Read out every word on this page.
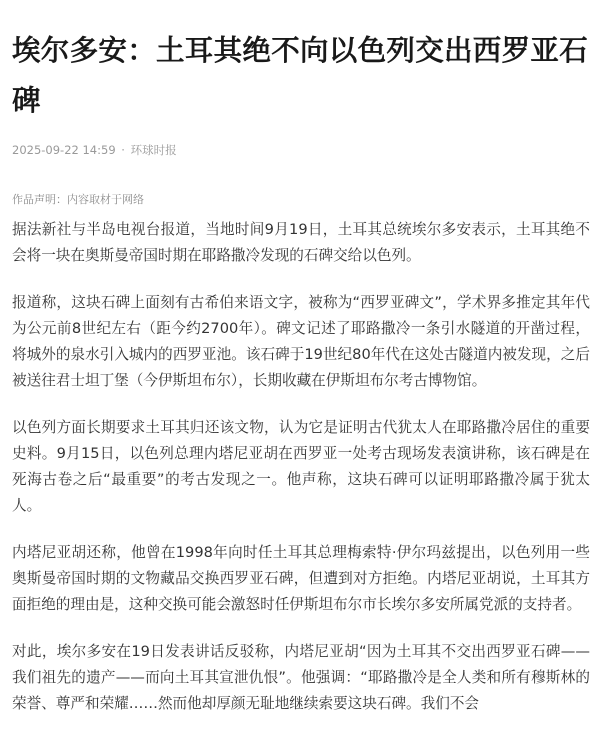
埃尔多安：土耳其绝不向以色列交出西罗亚石碑
2025-09-22 14:59 · 环球时报
作品声明：内容取材于网络

据法新社与半岛电视台报道，当地时间9月19日，土耳其总统埃尔多安表示，土耳其绝不会将一块在奥斯曼帝国时期在耶路撒冷发现的石碑交给以色列。

报道称，这块石碑上面刻有古希伯来语文字，被称为“西罗亚碑文”，学术界多推定其年代为公元前8世纪左右（距今约2700年）。碑文记述了耶路撒冷一条引水隧道的开凿过程，将城外的泉水引入城内的西罗亚池。该石碑于19世纪80年代在这处古隧道内被发现，之后被送往君士坦丁堡（今伊斯坦布尔），长期收藏在伊斯坦布尔考古博物馆。

以色列方面长期要求土耳其归还该文物，认为它是证明古代犹太人在耶路撒冷居住的重要史料。9月15日，以色列总理内塔尼亚胡在西罗亚一处考古现场发表演讲称，该石碑是在死海古卷之后“最重要”的考古发现之一。他声称，这块石碑可以证明耶路撒冷属于犹太人。

内塔尼亚胡还称，他曾在1998年向时任土耳其总理梅索特·伊尔玛兹提出，以色列用一些奥斯曼帝国时期的文物藏品交换西罗亚石碑，但遭到对方拒绝。内塔尼亚胡说，土耳其方面拒绝的理由是，这种交换可能会激怒时任伊斯坦布尔市长埃尔多安所属党派的支持者。

对此，埃尔多安在19日发表讲话反驳称，内塔尼亚胡“因为土耳其不交出西罗亚石碑——我们祖先的遗产——而向土耳其宣泄仇恨”。他强调：“耶路撒冷是全人类和所有穆斯林的荣誉、尊严和荣耀……然而他却厚颜无耻地继续索要这块石碑。我们不会
